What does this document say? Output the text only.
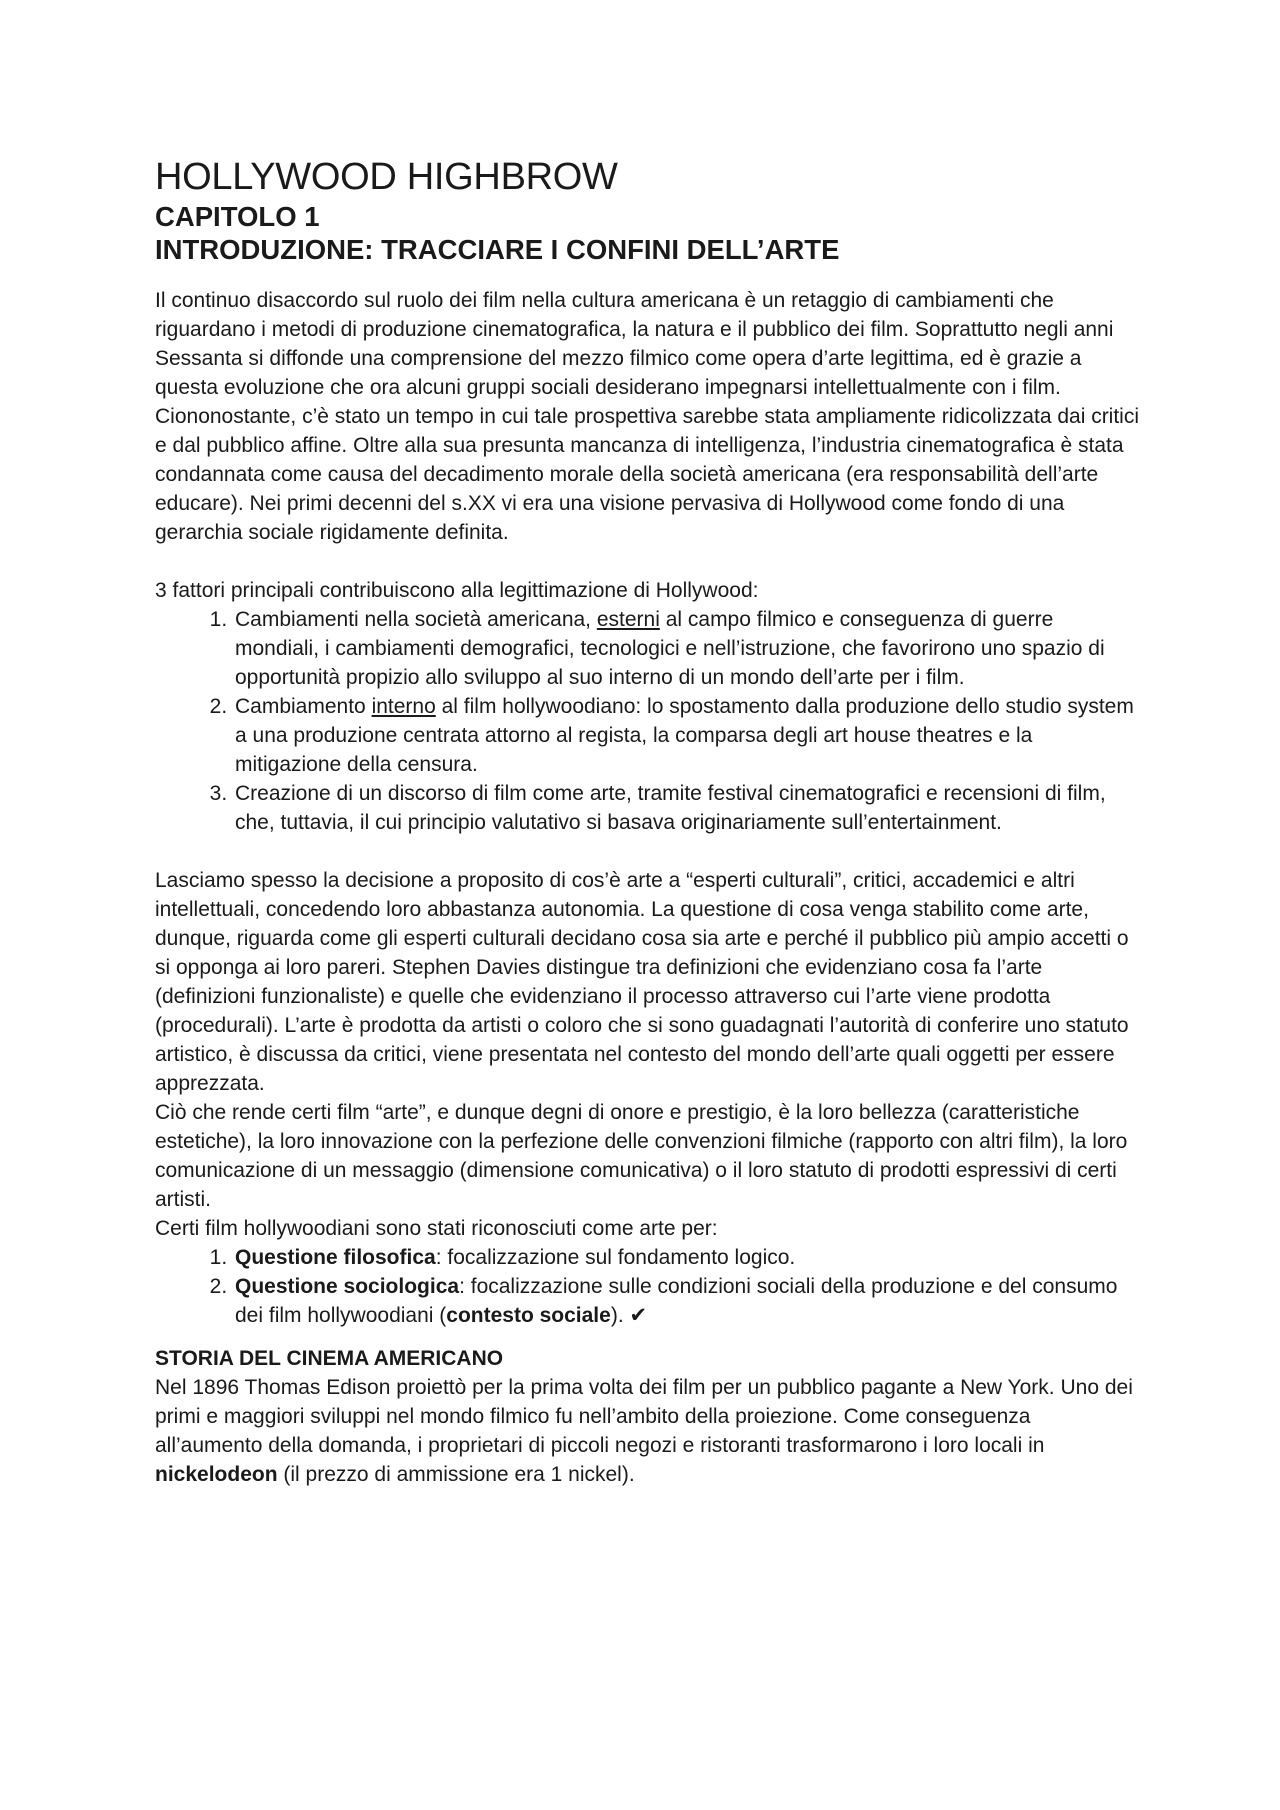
HOLLYWOOD HIGHBROW
CAPITOLO 1
INTRODUZIONE: TRACCIARE I CONFINI DELL’ARTE

Il continuo disaccordo sul ruolo dei film nella cultura americana è un retaggio di cambiamenti che riguardano i metodi di produzione cinematografica, la natura e il pubblico dei film. Soprattutto negli anni Sessanta si diffonde una comprensione del mezzo filmico come opera d’arte legittima, ed è grazie a questa evoluzione che ora alcuni gruppi sociali desiderano impegnarsi intellettualmente con i film. Ciononostante, c’è stato un tempo in cui tale prospettiva sarebbe stata ampliamente ridicolizzata dai critici e dal pubblico affine. Oltre alla sua presunta mancanza di intelligenza, l’industria cinematografica è stata condannata come causa del decadimento morale della società americana (era responsabilità dell’arte educare). Nei primi decenni del s.XX vi era una visione pervasiva di Hollywood come fondo di una gerarchia sociale rigidamente definita.

3 fattori principali contribuiscono alla legittimazione di Hollywood:

1. Cambiamenti nella società americana, esterni al campo filmico e conseguenza di guerre mondiali, i cambiamenti demografici, tecnologici e nell’istruzione, che favorirono uno spazio di opportunità propizio allo sviluppo al suo interno di un mondo dell’arte per i film.
2. Cambiamento interno al film hollywoodiano: lo spostamento dalla produzione dello studio system a una produzione centrata attorno al regista, la comparsa degli art house theatres e la mitigazione della censura.
3. Creazione di un discorso di film come arte, tramite festival cinematografici e recensioni di film, che, tuttavia, il cui principio valutativo si basava originariamente sull’entertainment.

Lasciamo spesso la decisione a proposito di cos’è arte a “esperti culturali”, critici, accademici e altri intellettuali, concedendo loro abbastanza autonomia. La questione di cosa venga stabilito come arte, dunque, riguarda come gli esperti culturali decidano cosa sia arte e perché il pubblico più ampio accetti o si opponga ai loro pareri. Stephen Davies distingue tra definizioni che evidenziano cosa fa l’arte (definizioni funzionaliste) e quelle che evidenziano il processo attraverso cui l’arte viene prodotta (procedurali). L’arte è prodotta da artisti o coloro che si sono guadagnati l’autorità di conferire uno statuto artistico, è discussa da critici, viene presentata nel contesto del mondo dell’arte quali oggetti per essere apprezzata.

Ciò che rende certi film “arte”, e dunque degni di onore e prestigio, è la loro bellezza (caratteristiche estetiche), la loro innovazione con la perfezione delle convenzioni filmiche (rapporto con altri film), la loro comunicazione di un messaggio (dimensione comunicativa) o il loro statuto di prodotti espressivi di certi artisti.

Certi film hollywoodiani sono stati riconosciuti come arte per:

1. Questione filosofica: focalizzazione sul fondamento logico.
2. Questione sociologica: focalizzazione sulle condizioni sociali della produzione e del consumo dei film hollywoodiani (contesto sociale). ✔
STORIA DEL CINEMA AMERICANO

Nel 1896 Thomas Edison proiettò per la prima volta dei film per un pubblico pagante a New York. Uno dei primi e maggiori sviluppi nel mondo filmico fu nell’ambito della proiezione. Come conseguenza all’aumento della domanda, i proprietari di piccoli negozi e ristoranti trasformarono i loro locali in nickelodeon (il prezzo di ammissione era 1 nickel).
